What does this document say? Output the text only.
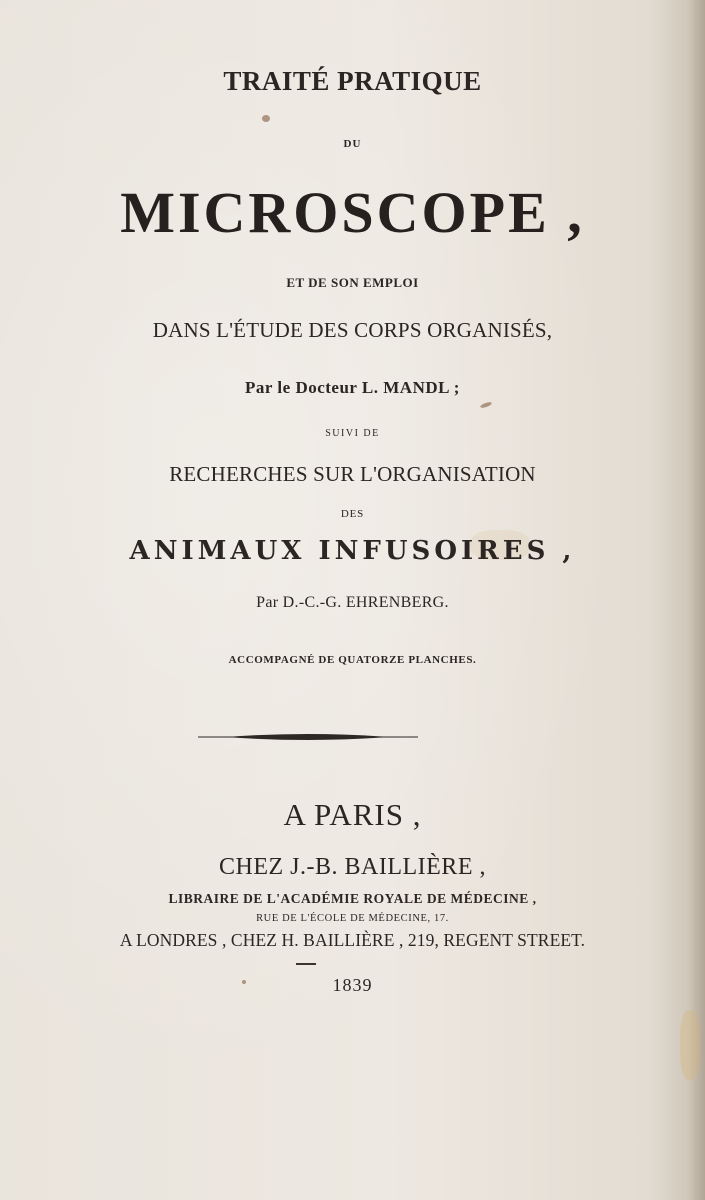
TRAITÉ PRATIQUE
DU
MICROSCOPE ,
ET DE SON EMPLOI
DANS L'ÉTUDE DES CORPS ORGANISÉS,
Par le Docteur L. MANDL ;
SUIVI DE
RECHERCHES SUR L'ORGANISATION
DES
ANIMAUX INFUSOIRES ,
Par D.-C.-G. EHRENBERG.
ACCOMPAGNÉ DE QUATORZE PLANCHES.
A PARIS ,
CHEZ J.-B. BAILLIÈRE ,
LIBRAIRE DE L'ACADÉMIE ROYALE DE MÉDECINE ,
RUE DE L'ÉCOLE DE MÉDECINE, 17.
A LONDRES , CHEZ H. BAILLIÈRE , 219, REGENT STREET.
1839
